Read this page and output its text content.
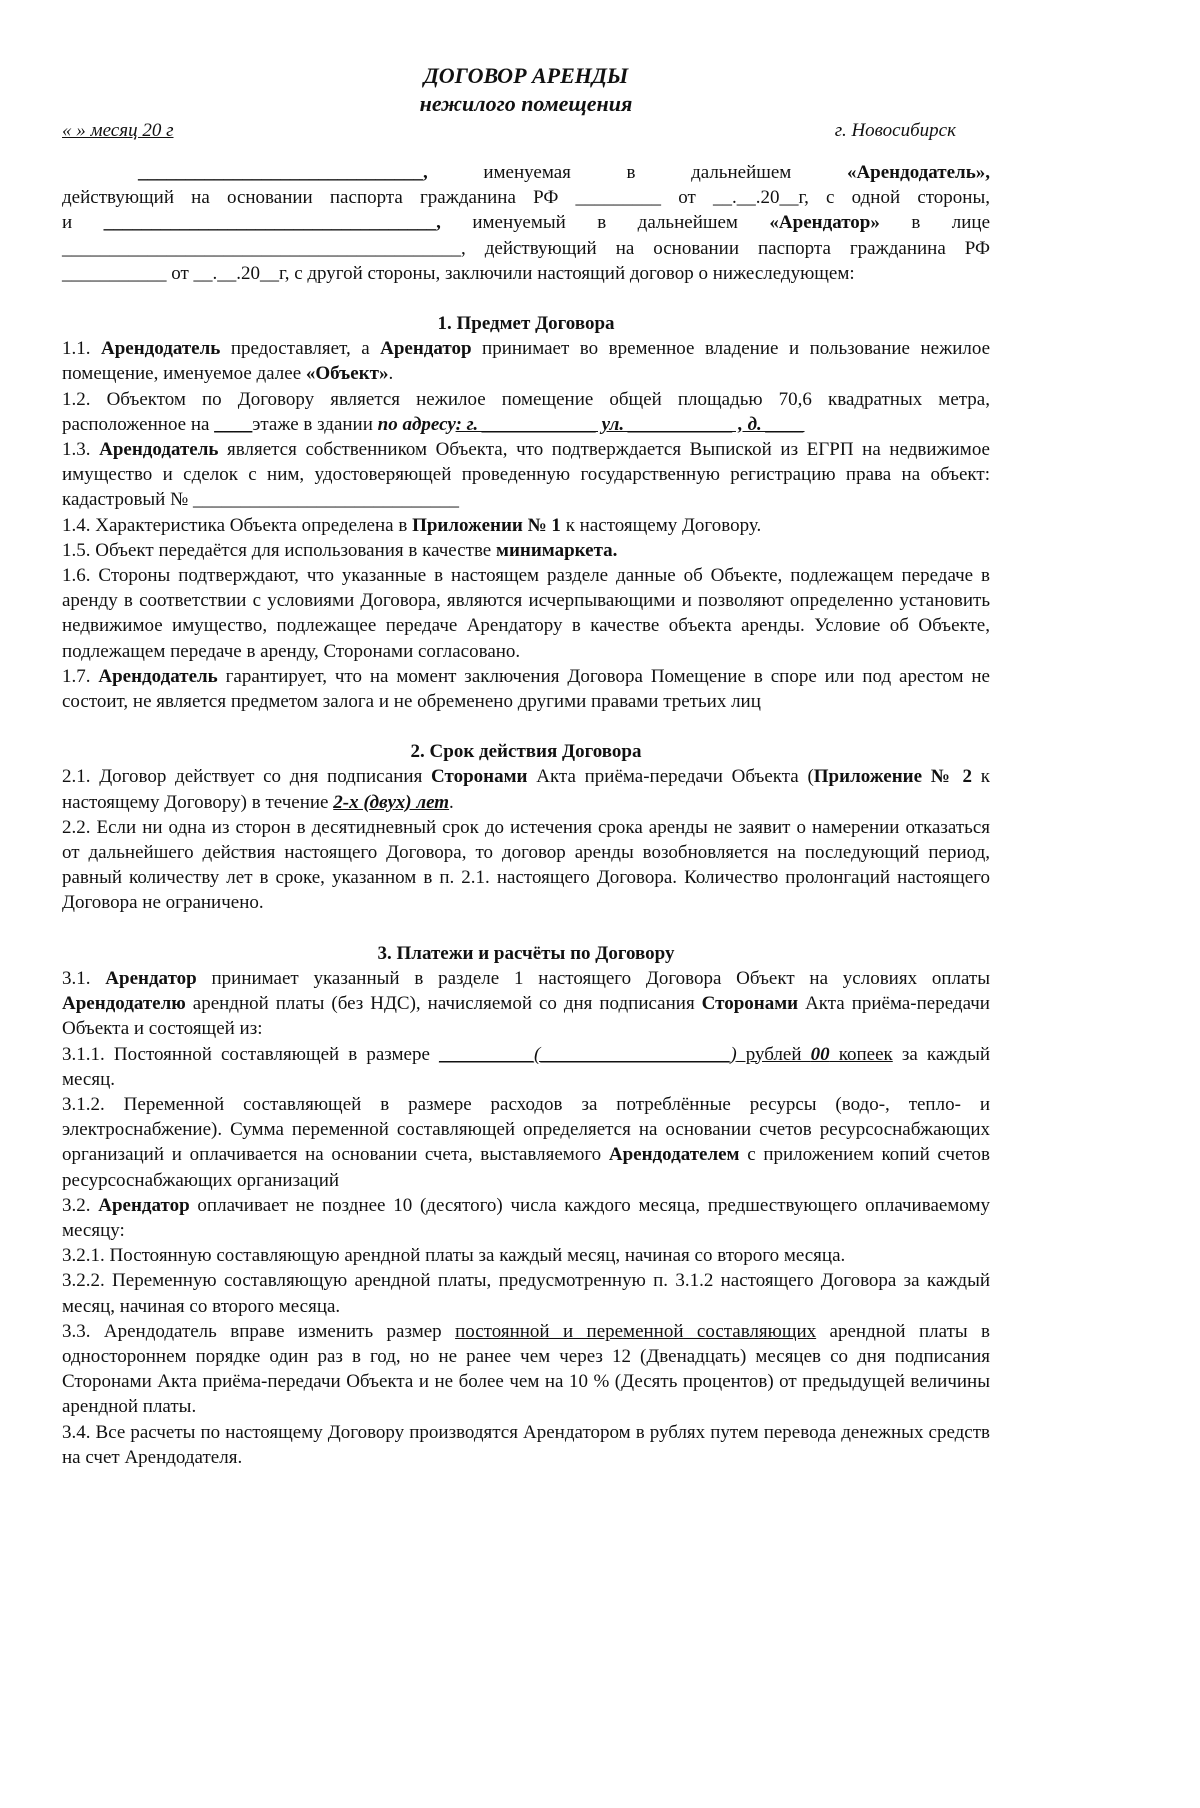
ДОГОВОР АРЕНДЫ
нежилого помещения
« » месяц 20 г	г. Новосибирск

______________________________,	именуемая	в	дальнейшем	«Арендодатель»,

действующий на основании паспорта гражданина РФ _________ от __.__.20__г, с одной стороны,

и ___________________________________, именуемый в дальнейшем «Арендатор» в лице

__________________________________________, действующий на основании паспорта гражданина РФ

___________ от __.__.20__г, с другой стороны, заключили настоящий договор о нижеследующем:

1. Предмет Договора

1.1. Арендодатель предоставляет, а Арендатор принимает во временное владение и пользование нежилое помещение, именуемое далее «Объект».

1.2. Объектом по Договору является нежилое помещение общей площадью 70,6 квадратных метра, расположенное на ____этаже в здании по адресу: г. ____________ ул. ___________ , д. ____

1.3. Арендодатель является собственником Объекта, что подтверждается Выпиской из ЕГРП на недвижимое имущество и сделок с ним, удостоверяющей проведенную государственную регистрацию права на объект: кадастровый № ____________________________

1.4. Характеристика Объекта определена в Приложении № 1 к настоящему Договору.

1.5. Объект передаётся для использования в качестве минимаркета.

1.6. Стороны подтверждают, что указанные в настоящем разделе данные об Объекте, подлежащем передаче в аренду в соответствии с условиями Договора, являются исчерпывающими и позволяют определенно установить недвижимое имущество, подлежащее передаче Арендатору в качестве объекта аренды. Условие об Объекте, подлежащем передаче в аренду, Сторонами согласовано.

1.7. Арендодатель гарантирует, что на момент заключения Договора Помещение в споре или под арестом не состоит, не является предметом залога и не обременено другими правами третьих лиц

2. Срок действия Договора

2.1. Договор действует со дня подписания Сторонами Акта приёма-передачи Объекта (Приложение № 2 к настоящему Договору) в течение 2-х (двух) лет.

2.2. Если ни одна из сторон в десятидневный срок до истечения срока аренды не заявит о намерении отказаться от дальнейшего действия настоящего Договора, то договор аренды возобновляется на последующий период, равный количеству лет в сроке, указанном в п. 2.1. настоящего Договора. Количество пролонгаций настоящего Договора не ограничено.

3. Платежи и расчёты по Договору

3.1. Арендатор принимает указанный в разделе 1 настоящего Договора Объект на условиях оплаты Арендодателю арендной платы (без НДС), начисляемой со дня подписания Сторонами Акта приёма-передачи Объекта и состоящей из:

3.1.1. Постоянной составляющей в размере __________(____________________) рублей 00 копеек за каждый месяц.

3.1.2. Переменной составляющей в размере расходов за потреблённые ресурсы (водо-, тепло- и электроснабжение). Сумма переменной составляющей определяется на основании счетов ресурсоснабжающих организаций и оплачивается на основании счета, выставляемого Арендодателем с приложением копий счетов ресурсоснабжающих организаций

3.2. Арендатор оплачивает не позднее 10 (десятого) числа каждого месяца, предшествующего оплачиваемому месяцу:

3.2.1. Постоянную составляющую арендной платы за каждый месяц, начиная со второго месяца.

3.2.2. Переменную составляющую арендной платы, предусмотренную п. 3.1.2 настоящего Договора за каждый месяц, начиная со второго месяца.

3.3. Арендодатель вправе изменить размер постоянной и переменной составляющих арендной платы в одностороннем порядке один раз в год, но не ранее чем через 12 (Двенадцать) месяцев со дня подписания Сторонами Акта приёма-передачи Объекта и не более чем на 10 % (Десять процентов) от предыдущей величины арендной платы.

3.4. Все расчеты по настоящему Договору производятся Арендатором в рублях путем перевода денежных средств на счет Арендодателя.
